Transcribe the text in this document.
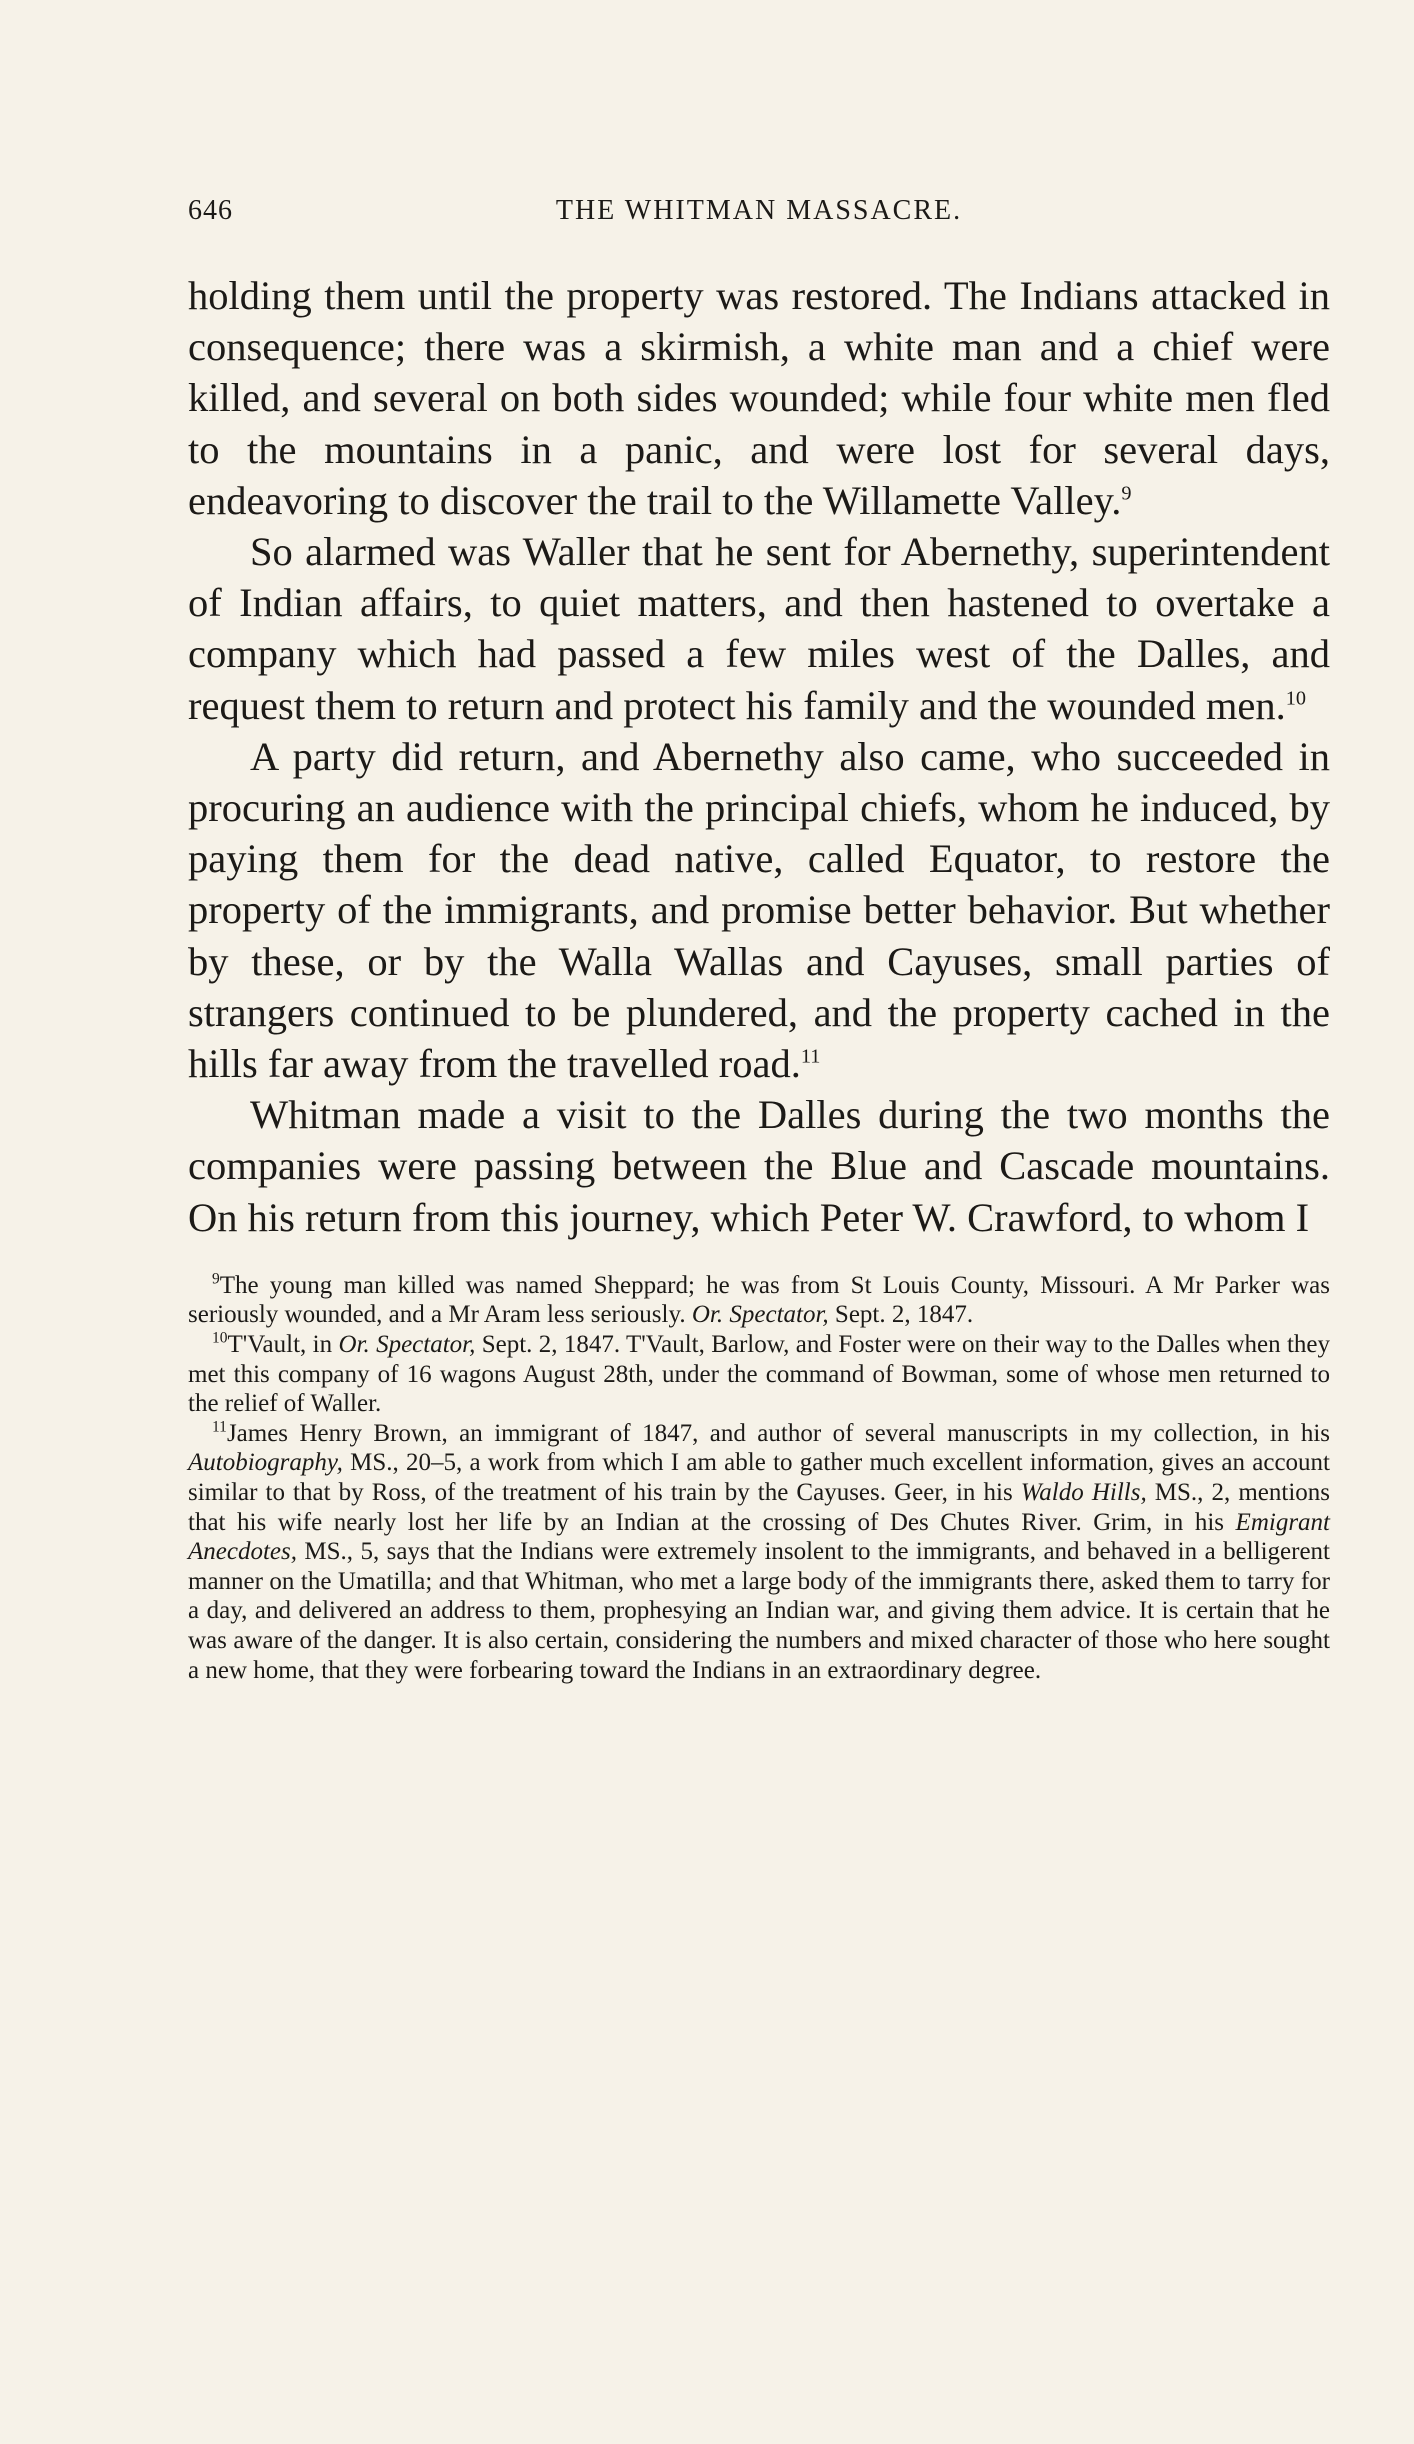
646	THE WHITMAN MASSACRE.

holding them until the property was restored. The Indians attacked in consequence; there was a skirmish, a white man and a chief were killed, and several on both sides wounded; while four white men fled to the mountains in a panic, and were lost for several days, endeavoring to discover the trail to the Willamette Valley.$^9$

So alarmed was Waller that he sent for Abernethy, superintendent of Indian affairs, to quiet matters, and then hastened to overtake a company which had passed a few miles west of the Dalles, and request them to return and protect his family and the wounded men.$^{10}$

A party did return, and Abernethy also came, who succeeded in procuring an audience with the principal chiefs, whom he induced, by paying them for the dead native, called Equator, to restore the property of the immigrants, and promise better behavior. But whether by these, or by the Walla Wallas and Cayuses, small parties of strangers continued to be plundered, and the property cached in the hills far away from the travelled road.$^{11}$

Whitman made a visit to the Dalles during the two months the companies were passing between the Blue and Cascade mountains. On his return from this journey, which Peter W. Crawford, to whom I

$^9$The young man killed was named Sheppard; he was from St Louis County, Missouri. A Mr Parker was seriously wounded, and a Mr Aram less seriously. Or. Spectator, Sept. 2, 1847.

$^{10}$T'Vault, in Or. Spectator, Sept. 2, 1847. T'Vault, Barlow, and Foster were on their way to the Dalles when they met this company of 16 wagons August 28th, under the command of Bowman, some of whose men returned to the relief of Waller.

$^{11}$James Henry Brown, an immigrant of 1847, and author of several manuscripts in my collection, in his Autobiography, MS., 20–5, a work from which I am able to gather much excellent information, gives an account similar to that by Ross, of the treatment of his train by the Cayuses. Geer, in his Waldo Hills, MS., 2, mentions that his wife nearly lost her life by an Indian at the crossing of Des Chutes River. Grim, in his Emigrant Anecdotes, MS., 5, says that the Indians were extremely insolent to the immigrants, and behaved in a belligerent manner on the Umatilla; and that Whitman, who met a large body of the immigrants there, asked them to tarry for a day, and delivered an address to them, prophesying an Indian war, and giving them advice. It is certain that he was aware of the danger. It is also certain, considering the numbers and mixed character of those who here sought a new home, that they were forbearing toward the Indians in an extraordinary degree.
